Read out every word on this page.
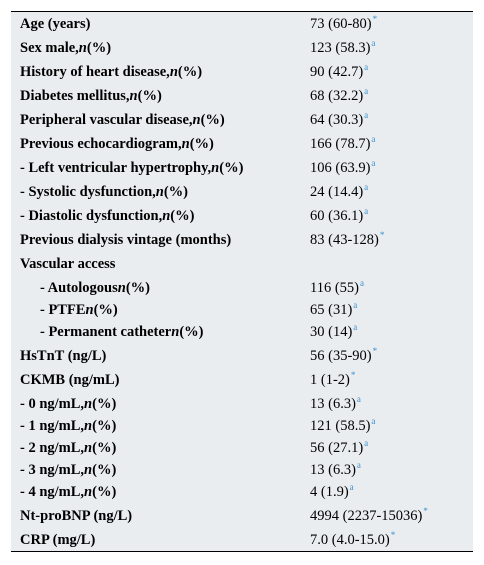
Age (years)	73 (60-80)*
Sex male,n(%)	123 $(58.3)^a$
History of heart disease,n(%)	90 $(42.7)^a$
Diabetes mellitus,n(%)	68 $(32.2)^a$
Peripheral vascular disease,n(%)	64 $(30.3)^a$
Previous echocardiogram,n(%)	166 $(78.7)^a$
- Left ventricular hypertrophy,n(%)	106 $(63.9)^a$
- Systolic dysfunction,n(%)	24 $(14.4)^a$
- Diastolic dysfunction,n(%)	60 $(36.1)^a$
Previous dialysis vintage (months)	83 (43-128)*
Vascular access
- Autologousn(%)	116 $(55)^a$
- PTFEn(%)	65 $(31)^a$
- Permanent cathetern(%)	30 $(14)^a$
HsTnT (ng/L)	56 (35-90)*
CKMB (ng/mL)	1 (1-2)*
- 0 ng/mL,n(%)	13 $(6.3)^a$
- 1 ng/mL,n(%)	121 $(58.5)^a$
- 2 ng/mL,n(%)	56 $(27.1)^a$
- 3 ng/mL,n(%)	13 $(6.3)^a$
- 4 ng/mL,n(%)	4 $(1.9)^a$
Nt-proBNP (ng/L)	4994 (2237-15036)*
CRP (mg/L)	7.0 (4.0-15.0)*
